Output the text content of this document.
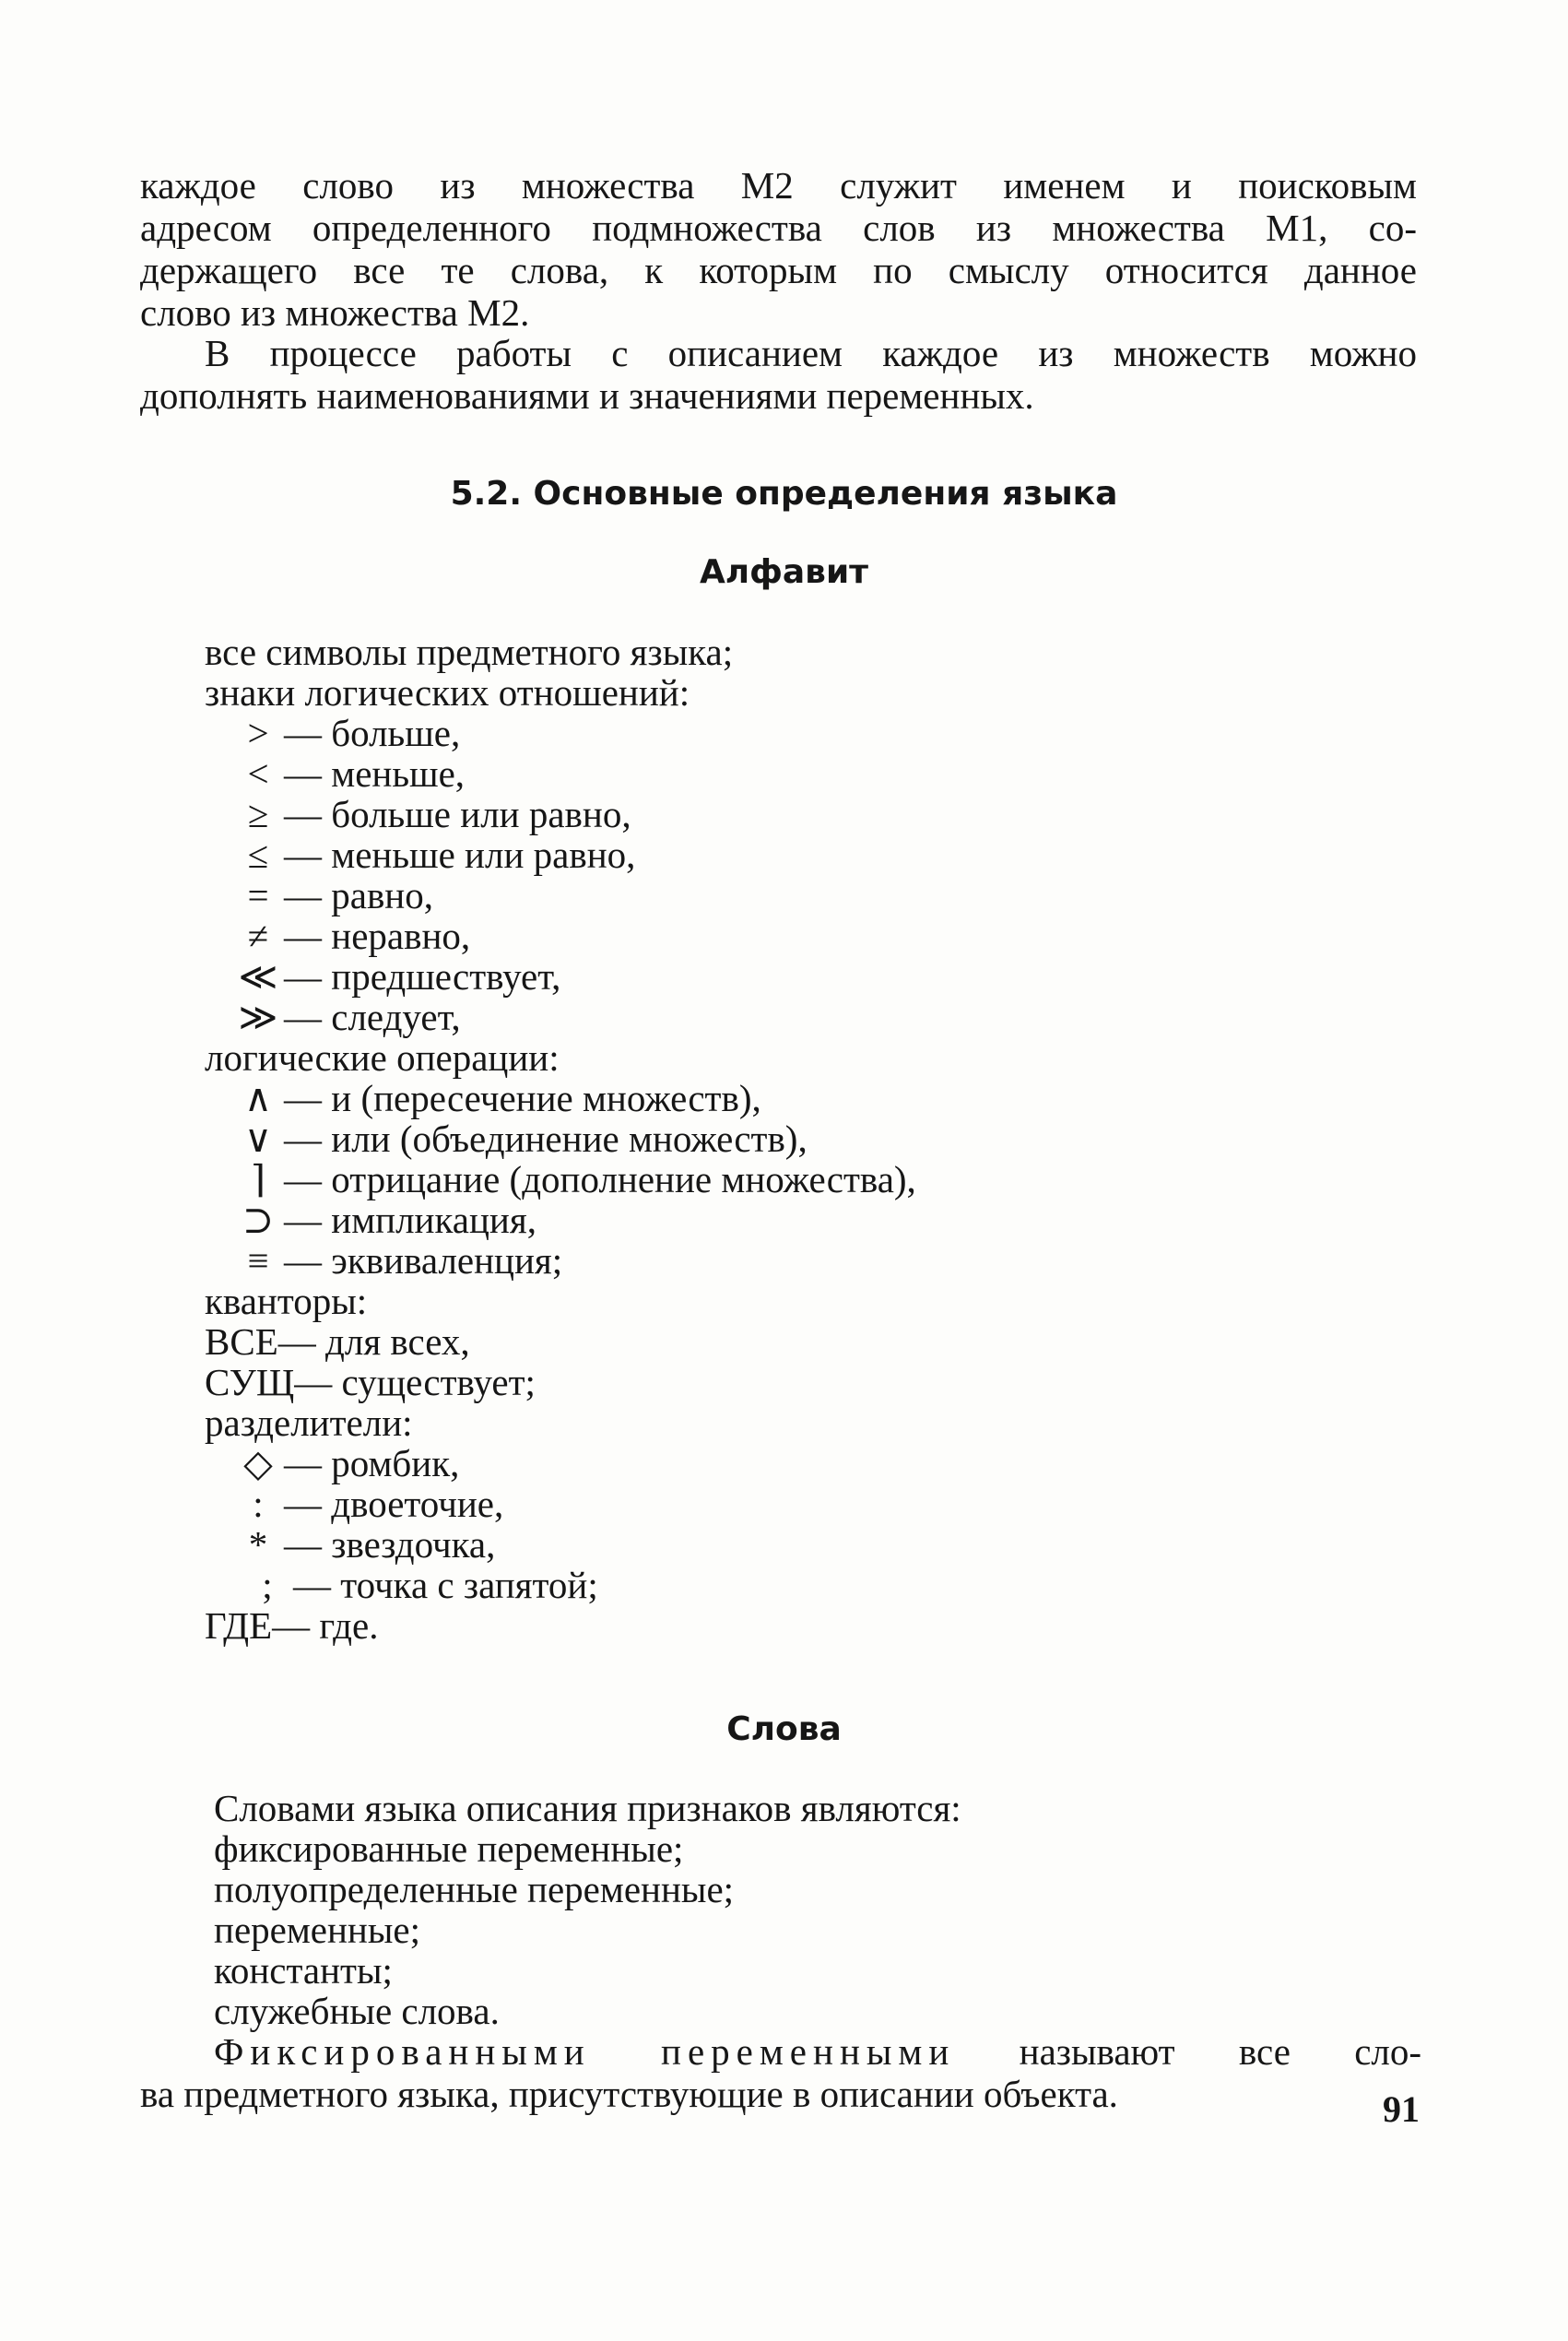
каждое слово из множества М2 служит именем и поисковым
адресом определенного подмножества слов из множества М1, со-
держащего все те слова, к которым по смыслу относится данное
слово из множества М2.

В процессе работы с описанием каждое из множеств можно
дополнять наименованиями и значениями переменных.

5.2. Основные определения языка
Алфавит
все символы предметного языка;
знаки логических отношений:
> — больше,
< — меньше,
≥ — больше или равно,
≤ — меньше или равно,
= — равно,
≠ — неравно,
≪ — предшествует,
≫ — следует,
логические операции:
∧ — и (пересечение множеств),
∨ — или (объединение множеств),
⌉ — отрицание (дополнение множества),
⊃ — импликация,
≡ — эквиваленция;
кванторы:
ВСЕ— для всех,
СУЩ— существует;
разделители:
◇ — ромбик,
: — двоеточие,
* — звездочка,
; — точка с запятой;
ГДЕ— где.
91
Слова
Словами языка описания признаков являются:
фиксированные переменные;
полуопределенные переменные;
переменные;
константы;
служебные слова.
Фиксированными переменными называют все сло-
ва предметного языка, присутствующие в описании объекта.
